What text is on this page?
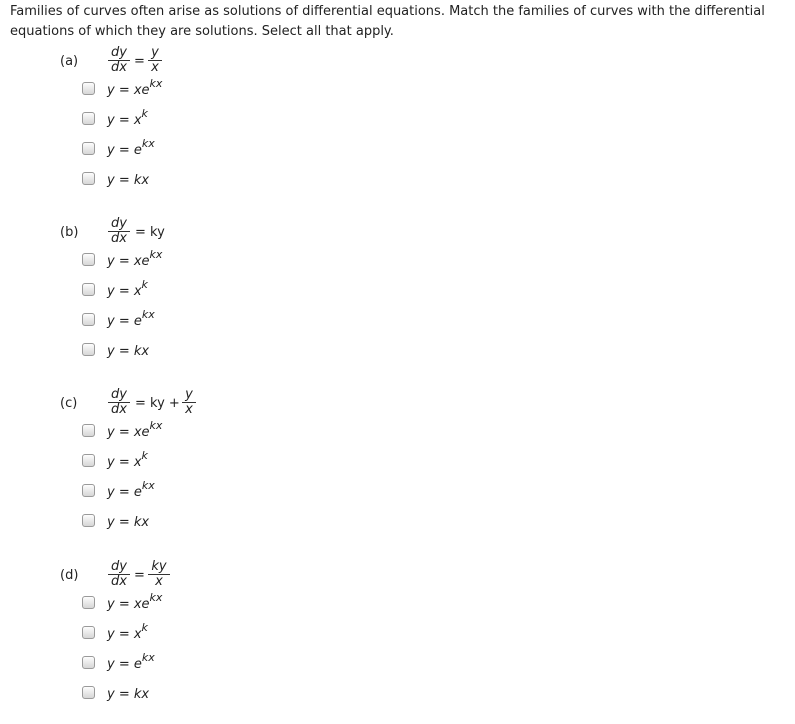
Families of curves often arise as solutions of differential equations. Match the families of curves with the differential equations of which they are solutions. Select all that apply.
(a)
dy
dx =
y
x
$y = xe^{kx}$
$y = x^k$
$y = e^{kx}$
y = kx
(b)
dy
dx = ky
$y = xe^{kx}$
$y = x^k$
$y = e^{kx}$
y = kx
(c)
dy
dx = ky +
y
x
$y = xe^{kx}$
$y = x^k$
$y = e^{kx}$
y = kx
(d)
dy
dx =
ky
x
$y = xe^{kx}$
$y = x^k$
$y = e^{kx}$
y = kx
